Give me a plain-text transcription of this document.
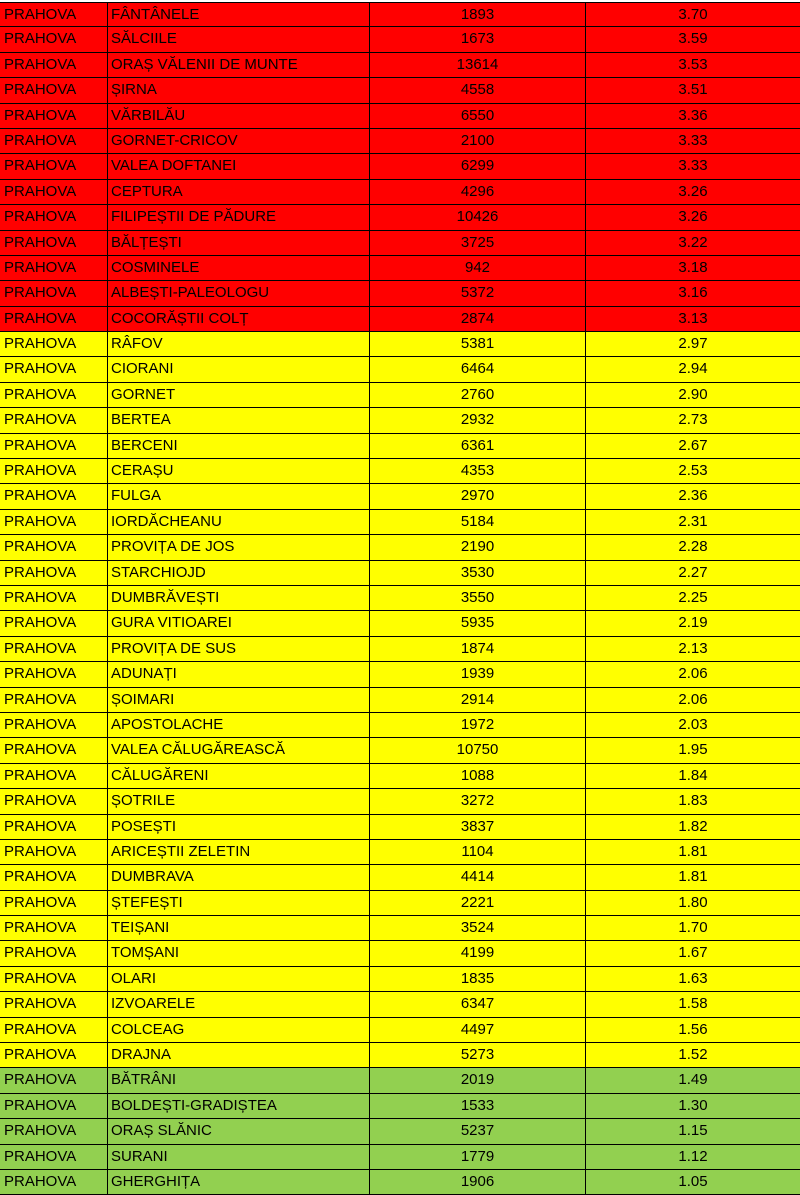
PRAHOVA	FÂNTÂNELE	1893	3.70
PRAHOVA	SĂLCIILE	1673	3.59
PRAHOVA	ORAȘ VĂLENII DE MUNTE	13614	3.53
PRAHOVA	ȘIRNA	4558	3.51
PRAHOVA	VĂRBILĂU	6550	3.36
PRAHOVA	GORNET-CRICOV	2100	3.33
PRAHOVA	VALEA DOFTANEI	6299	3.33
PRAHOVA	CEPTURA	4296	3.26
PRAHOVA	FILIPEȘTII DE PĂDURE	10426	3.26
PRAHOVA	BĂLȚEȘTI	3725	3.22
PRAHOVA	COSMINELE	942	3.18
PRAHOVA	ALBEȘTI-PALEOLOGU	5372	3.16
PRAHOVA	COCORĂȘTII COLȚ	2874	3.13
PRAHOVA	RÂFOV	5381	2.97
PRAHOVA	CIORANI	6464	2.94
PRAHOVA	GORNET	2760	2.90
PRAHOVA	BERTEA	2932	2.73
PRAHOVA	BERCENI	6361	2.67
PRAHOVA	CERAȘU	4353	2.53
PRAHOVA	FULGA	2970	2.36
PRAHOVA	IORDĂCHEANU	5184	2.31
PRAHOVA	PROVIȚA DE JOS	2190	2.28
PRAHOVA	STARCHIOJD	3530	2.27
PRAHOVA	DUMBRĂVEȘTI	3550	2.25
PRAHOVA	GURA VITIOAREI	5935	2.19
PRAHOVA	PROVIȚA DE SUS	1874	2.13
PRAHOVA	ADUNAȚI	1939	2.06
PRAHOVA	ȘOIMARI	2914	2.06
PRAHOVA	APOSTOLACHE	1972	2.03
PRAHOVA	VALEA CĂLUGĂREASCĂ	10750	1.95
PRAHOVA	CĂLUGĂRENI	1088	1.84
PRAHOVA	ȘOTRILE	3272	1.83
PRAHOVA	POSEȘTI	3837	1.82
PRAHOVA	ARICEȘTII ZELETIN	1104	1.81
PRAHOVA	DUMBRAVA	4414	1.81
PRAHOVA	ȘTEFEȘTI	2221	1.80
PRAHOVA	TEIȘANI	3524	1.70
PRAHOVA	TOMȘANI	4199	1.67
PRAHOVA	OLARI	1835	1.63
PRAHOVA	IZVOARELE	6347	1.58
PRAHOVA	COLCEAG	4497	1.56
PRAHOVA	DRAJNA	5273	1.52
PRAHOVA	BĂTRÂNI	2019	1.49
PRAHOVA	BOLDEȘTI-GRADIȘTEA	1533	1.30
PRAHOVA	ORAȘ SLĂNIC	5237	1.15
PRAHOVA	SURANI	1779	1.12
PRAHOVA	GHERGHIȚA	1906	1.05
